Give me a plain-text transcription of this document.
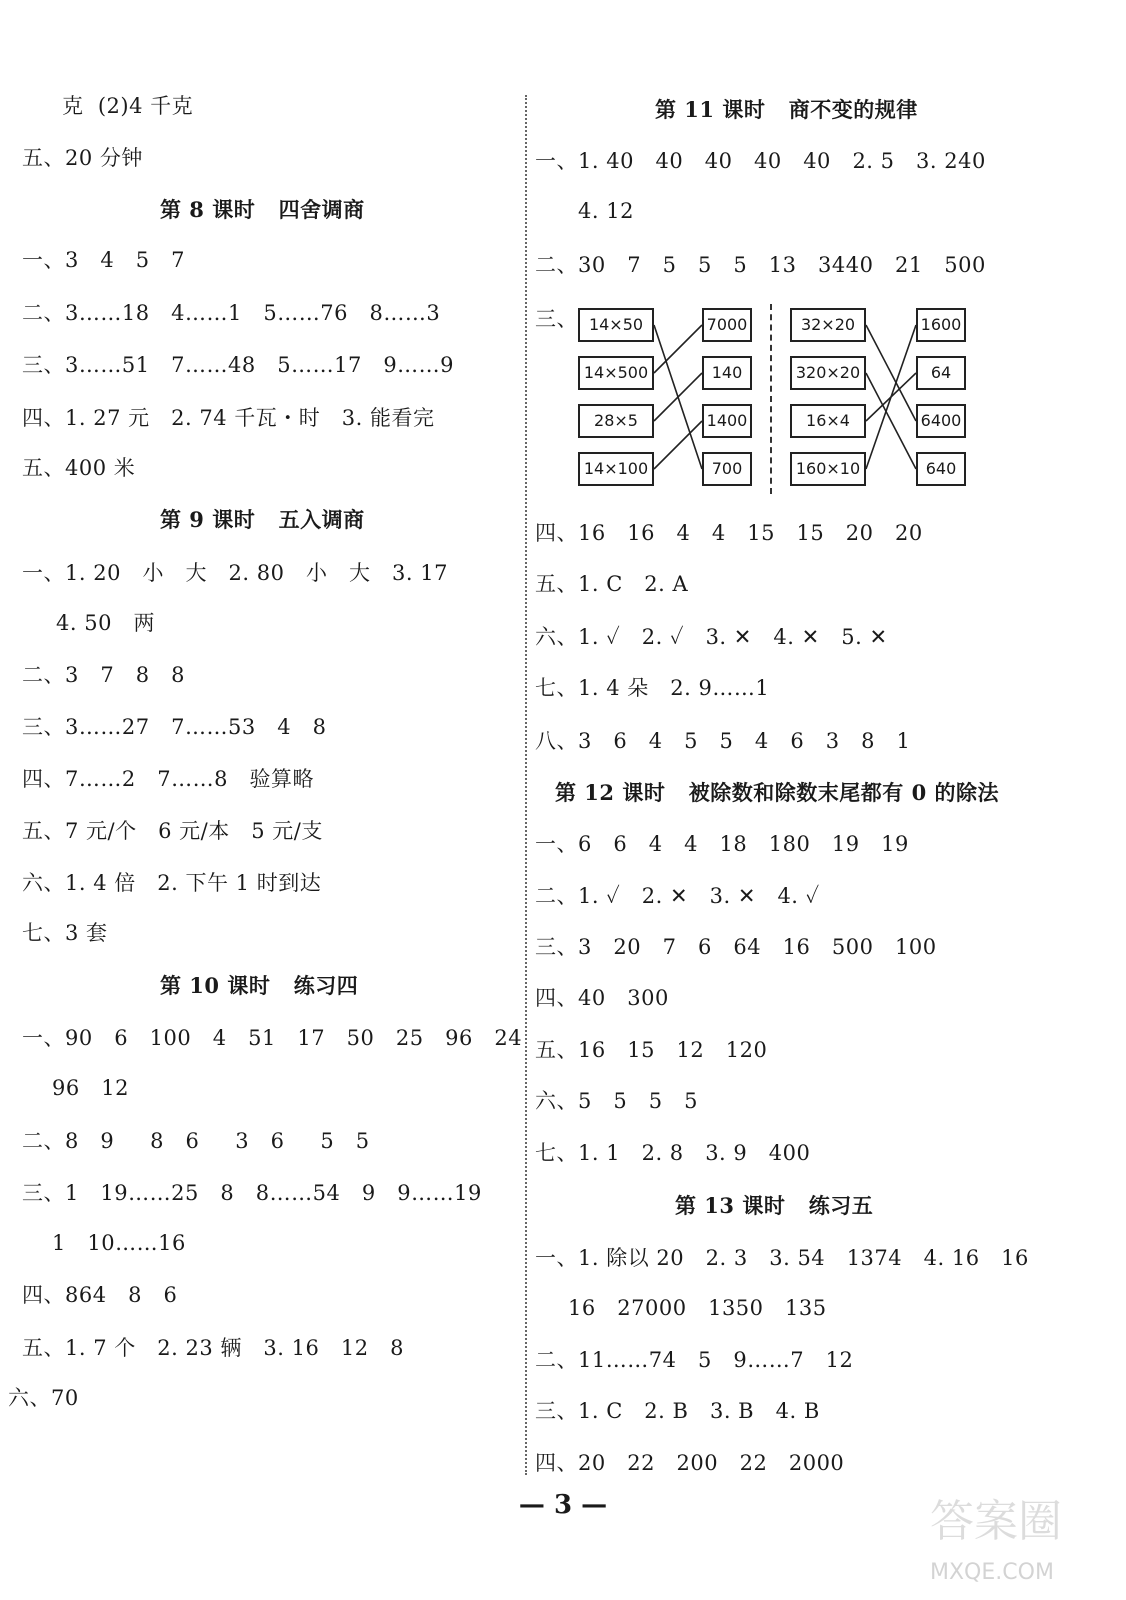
克  (2)4 千克
五、20 分钟
第 8 课时   四舍调商
一、3   4   5   7
二、3……18   4……1   5……76   8……3
三、3……51   7……48   5……17   9……9
四、1. 27 元   2. 74 千瓦・时   3. 能看完
五、400 米
第 9 课时   五入调商
一、1. 20   小   大   2. 80   小   大   3. 17
4. 50   两
二、3   7   8   8
三、3……27   7……53   4   8
四、7……2   7……8   验算略
五、7 元/个   6 元/本   5 元/支
六、1. 4 倍   2. 下午 1 时到达
七、3 套
第 10 课时   练习四
一、90   6   100   4   51   17   50   25   96   24
96   12
二、8   9     8   6     3   6     5   5
三、1   19……25   8   8……54   9   9……19
1   10……16
四、864   8   6
五、1. 7 个   2. 23 辆   3. 16   12   8
六、70
第 11 课时   商不变的规律
一、1. 40   40   40   40   40   2. 5   3. 240
4. 12
二、30   7   5   5   5   13   3440   21   500
三、
四、16   16   4   4   15   15   20   20
五、1. C   2. A
六、1. ✓   2. ✓   3. ✕   4. ✕   5. ✕
七、1. 4 朵   2. 9……1
八、3   6   4   5   5   4   6   3   8   1
第 12 课时   被除数和除数末尾都有 0 的除法
一、6   6   4   4   18   180   19   19
二、1. ✓   2. ✕   3. ✕   4. ✓
三、3   20   7   6   64   16   500   100
四、40   300
五、16   15   12   120
六、5   5   5   5
七、1. 1   2. 8   3. 9   400
第 13 课时   练习五
一、1. 除以 20   2. 3   3. 54   1374   4. 16   16
16   27000   1350   135
二、11……74   5   9……7   12
三、1. C   2. B   3. B   4. B
四、20   22   200   22   2000
14×50
14×500
28×5
14×100
7000
140
1400
700
32×20
320×20
16×4
160×10
1600
64
6400
640
— 3 —	答案圈
MXQE.COM
